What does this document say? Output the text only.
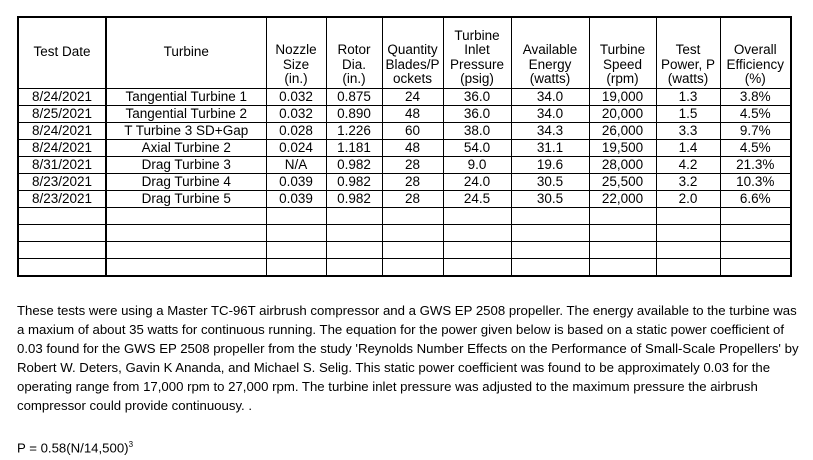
Test Date	Turbine	Nozzle
Size
(in.)	Rotor
Dia.
(in.)	Quantity
Blades/P
ockets	Turbine
Inlet
Pressure
(psig)	Available
Energy
(watts)	Turbine
Speed
(rpm)	Test
Power, P
(watts)	Overall
Efficiency
(%)
8/24/2021	Tangential Turbine 1	0.032	0.875	24	36.0	34.0	19,000	1.3	3.8%
8/25/2021	Tangential Turbine 2	0.032	0.890	48	36.0	34.0	20,000	1.5	4.5%
8/24/2021	T Turbine 3 SD+Gap	0.028	1.226	60	38.0	34.3	26,000	3.3	9.7%
8/24/2021	Axial Turbine 2	0.024	1.181	48	54.0	31.1	19,500	1.4	4.5%
8/31/2021	Drag Turbine 3	N/A	0.982	28	9.0	19.6	28,000	4.2	21.3%
8/23/2021	Drag Turbine 4	0.039	0.982	28	24.0	30.5	25,500	3.2	10.3%
8/23/2021	Drag Turbine 5	0.039	0.982	28	24.5	30.5	22,000	2.0	6.6%

These tests were using a Master TC-96T airbrush compressor and a GWS EP 2508 propeller. The energy available to the turbine was a maxium of about 35 watts for continuous running. The equation for the power given below is based on a static power coefficient of 0.03 found for the GWS EP 2508 propeller from the study 'Reynolds Number Effects on the Performance of Small-Scale Propellers' by Robert W. Deters, Gavin K Ananda, and Michael S. Selig. This static power coefficient was found to be approximately 0.03 for the operating range from 17,000 rpm to 27,000 rpm. The turbine inlet pressure was adjusted to the maximum pressure the airbrush compressor could provide continuousy. .

$P = 0.58(N/14,500)^3$
